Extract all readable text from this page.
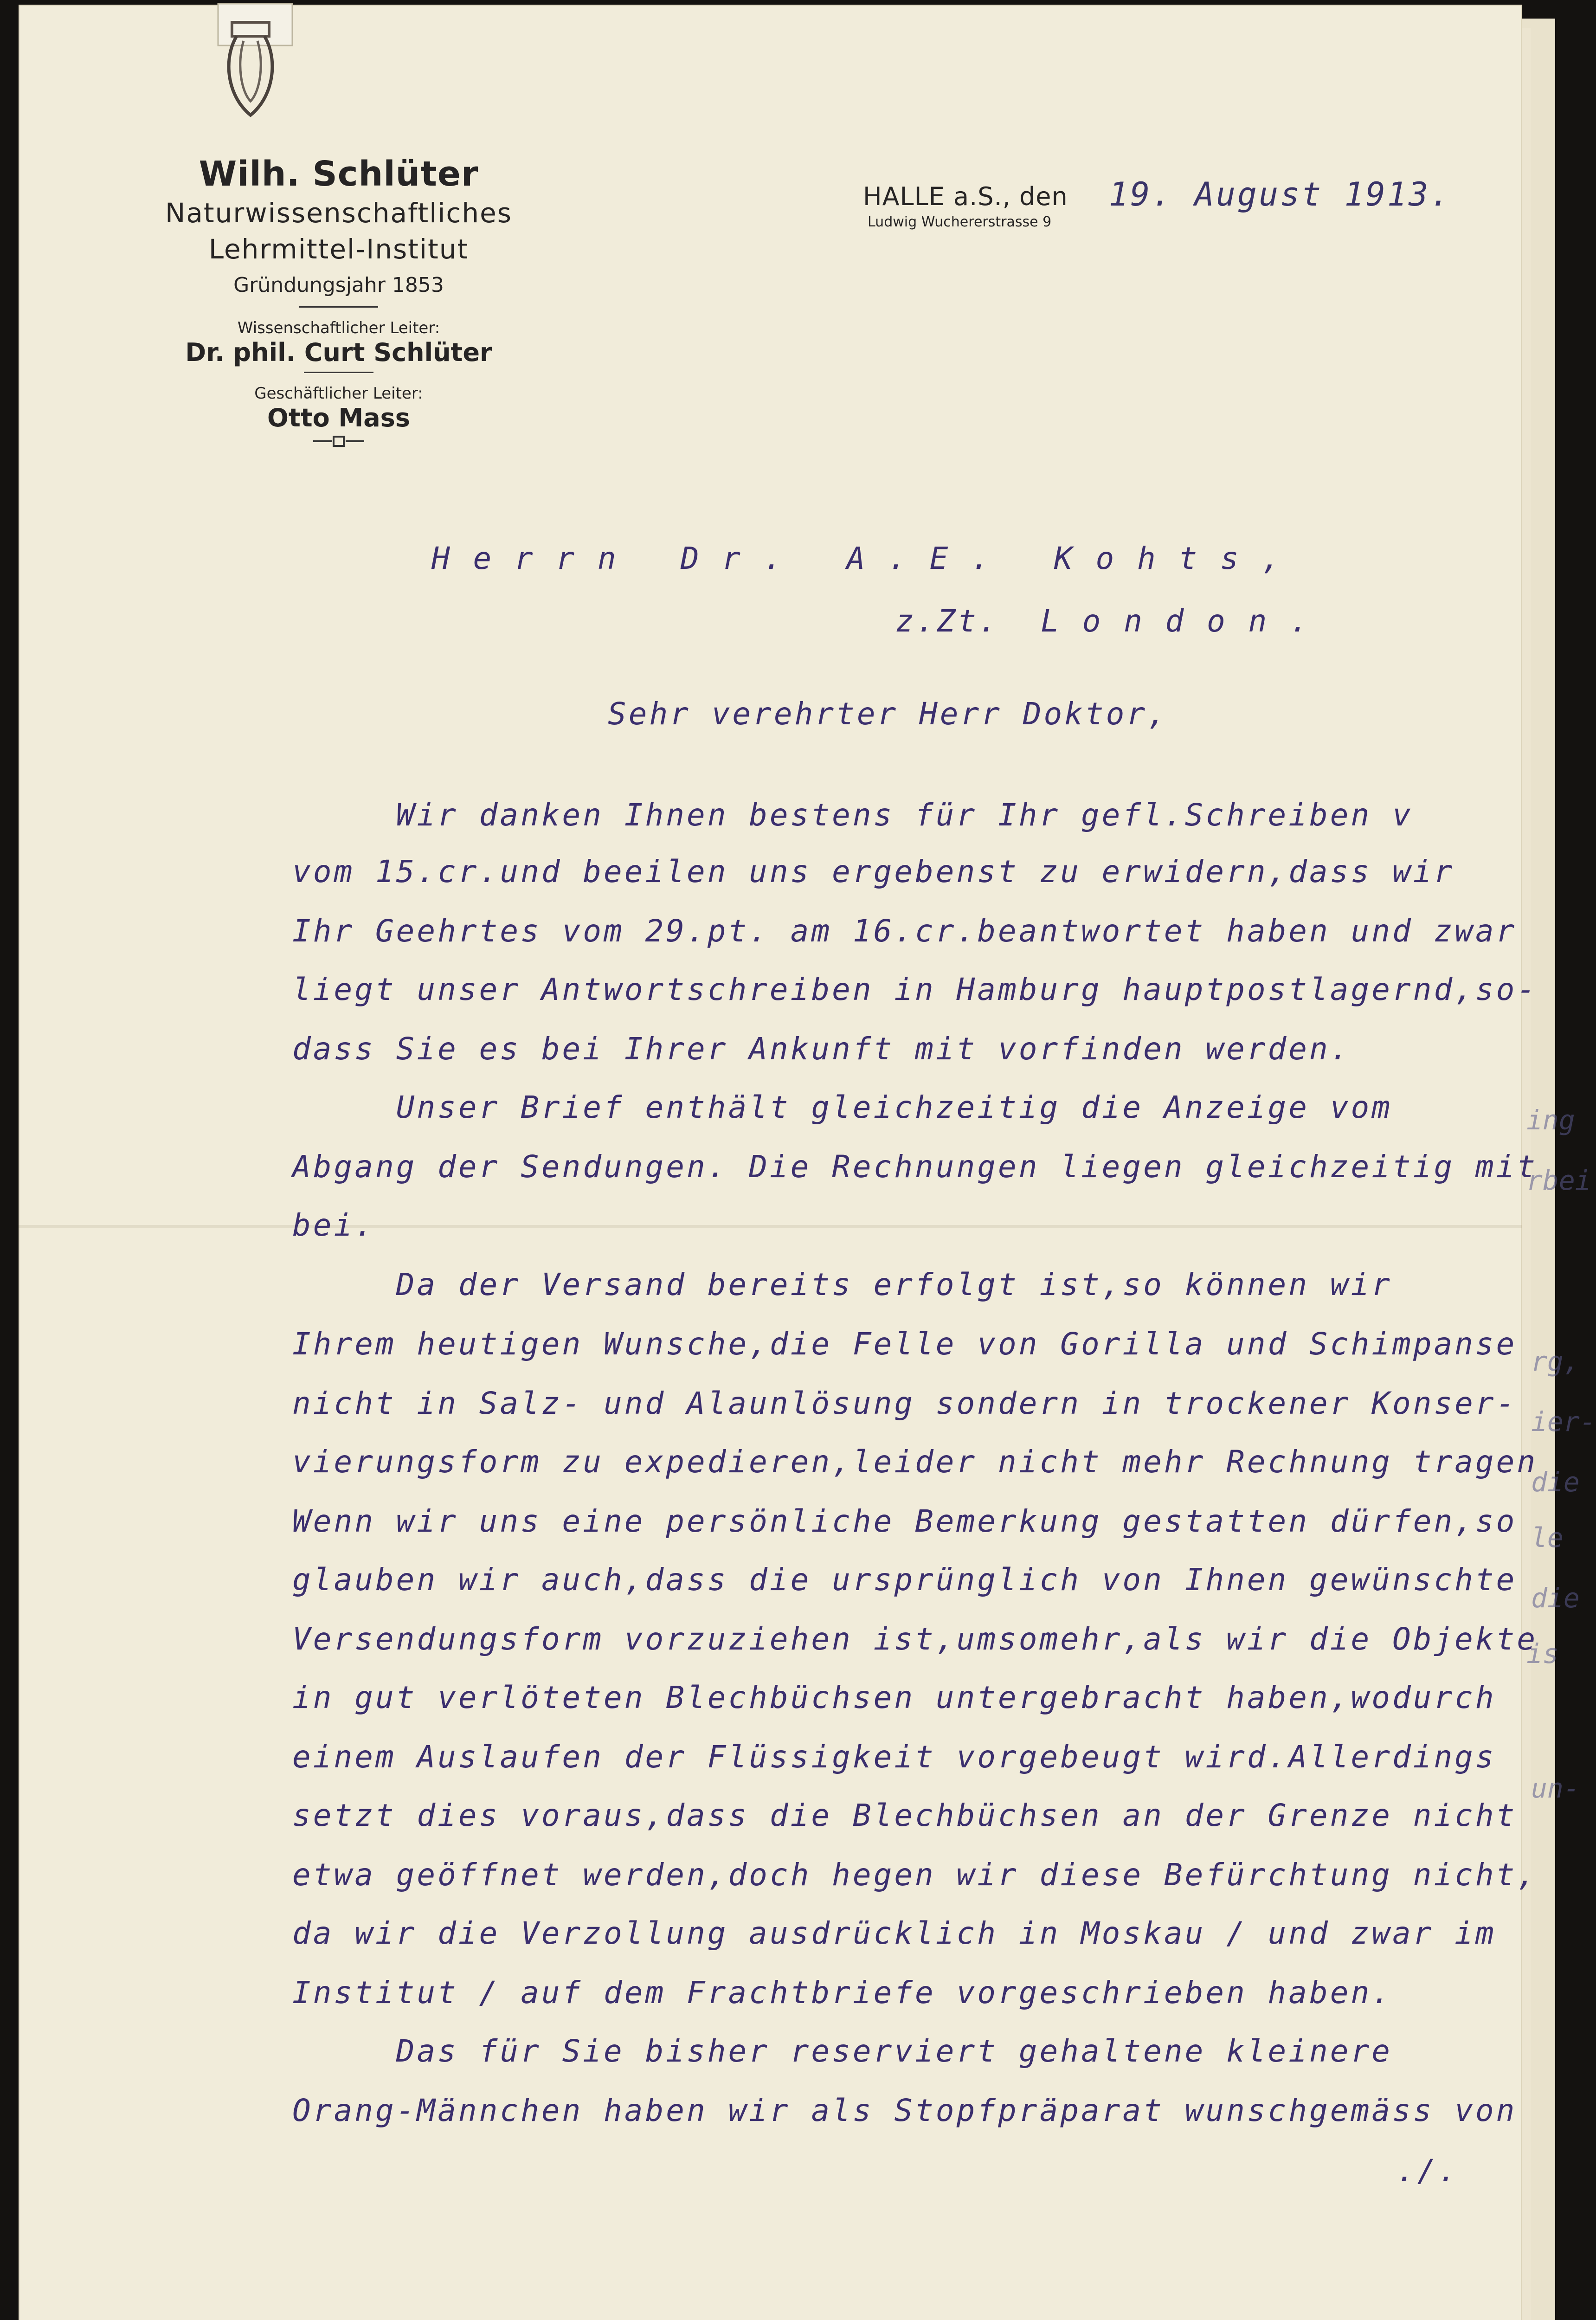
Wilh. Schlüter
Naturwissenschaftliches
Lehrmittel-Institut
Gründungsjahr 1853
Wissenschaftlicher Leiter:
Dr. phil. Curt Schlüter
Geschäftlicher Leiter:
Otto Mass
HALLE a.S., den
Ludwig Wuchererstrasse 9
19. August 1913.

H e r r n   D r .   A . E .   K o h t s ,

z.Zt.  L o n d o n .

Sehr verehrter Herr Doktor,

Wir danken Ihnen bestens für Ihr gefl.Schreiben v
vom 15.cr.und beeilen uns ergebenst zu erwidern,dass wir
Ihr Geehrtes vom 29.pt. am 16.cr.beantwortet haben und zwar
liegt unser Antwortschreiben in Hamburg hauptpostlagernd,so-
dass Sie es bei Ihrer Ankunft mit vorfinden werden.
Unser Brief enthält gleichzeitig die Anzeige vom
Abgang der Sendungen. Die Rechnungen liegen gleichzeitig mit
bei.
Da der Versand bereits erfolgt ist,so können wir
Ihrem heutigen Wunsche,die Felle von Gorilla und Schimpanse
nicht in Salz- und Alaunlösung sondern in trockener Konser-
vierungsform zu expedieren,leider nicht mehr Rechnung tragen
Wenn wir uns eine persönliche Bemerkung gestatten dürfen,so
glauben wir auch,dass die ursprünglich von Ihnen gewünschte
Versendungsform vorzuziehen ist,umsomehr,als wir die Objekte
in gut verlöteten Blechbüchsen untergebracht haben,wodurch
einem Auslaufen der Flüssigkeit vorgebeugt wird.Allerdings
setzt dies voraus,dass die Blechbüchsen an der Grenze nicht
etwa geöffnet werden,doch hegen wir diese Befürchtung nicht,
da wir die Verzollung ausdrücklich in Moskau / und zwar im
Institut / auf dem Frachtbriefe vorgeschrieben haben.
Das für Sie bisher reserviert gehaltene kleinere
Orang-Männchen haben wir als Stopfpräparat wunschgemäss von
./.

ing
rbei
rg,
ier-
die
le
die
is
un-
